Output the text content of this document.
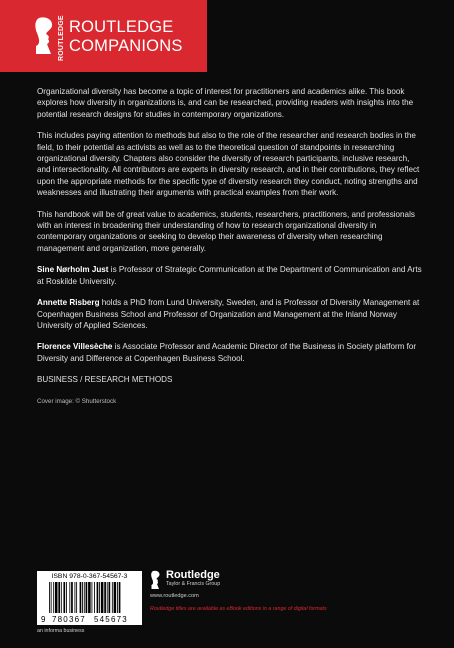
ROUTLEDGE ROUTLEDGE
COMPANIONS

Organizational diversity has become a topic of interest for practitioners and academics alike. This book explores how diversity in organizations is, and can be researched, providing readers with insights into the potential research designs for studies in contemporary organizations.

This includes paying attention to methods but also to the role of the researcher and research bodies in the field, to their potential as activists as well as to the theoretical question of standpoints in researching organizational diversity. Chapters also consider the diversity of research participants, inclusive research, and intersectionality. All contributors are experts in diversity research, and in their contributions, they reflect upon the appropriate methods for the specific type of diversity research they conduct, noting strengths and weaknesses and illustrating their arguments with practical examples from their work.

This handbook will be of great value to academics, students, researchers, practitioners, and professionals with an interest in broadening their understanding of how to research organizational diversity in contemporary organizations or seeking to develop their awareness of diversity when researching management and organization, more generally.

Sine Nørholm Just is Professor of Strategic Communication at the Department of Communication and Arts at Roskilde University.

Annette Risberg holds a PhD from Lund University, Sweden, and is Professor of Diversity Management at Copenhagen Business School and Professor of Organization and Management at the Inland Norway University of Applied Sciences.

Florence Villesèche is Associate Professor and Academic Director of the Business in Society platform for Diversity and Difference at Copenhagen Business School.

BUSINESS / RESEARCH METHODS

Cover image: © Shutterstock

ISBN 978-0-367-54567-3
9 780367 545673
an informa business
Routledge
Taylor & Francis Group
www.routledge.com
Routledge titles are available as eBook editions in a range of digital formats
